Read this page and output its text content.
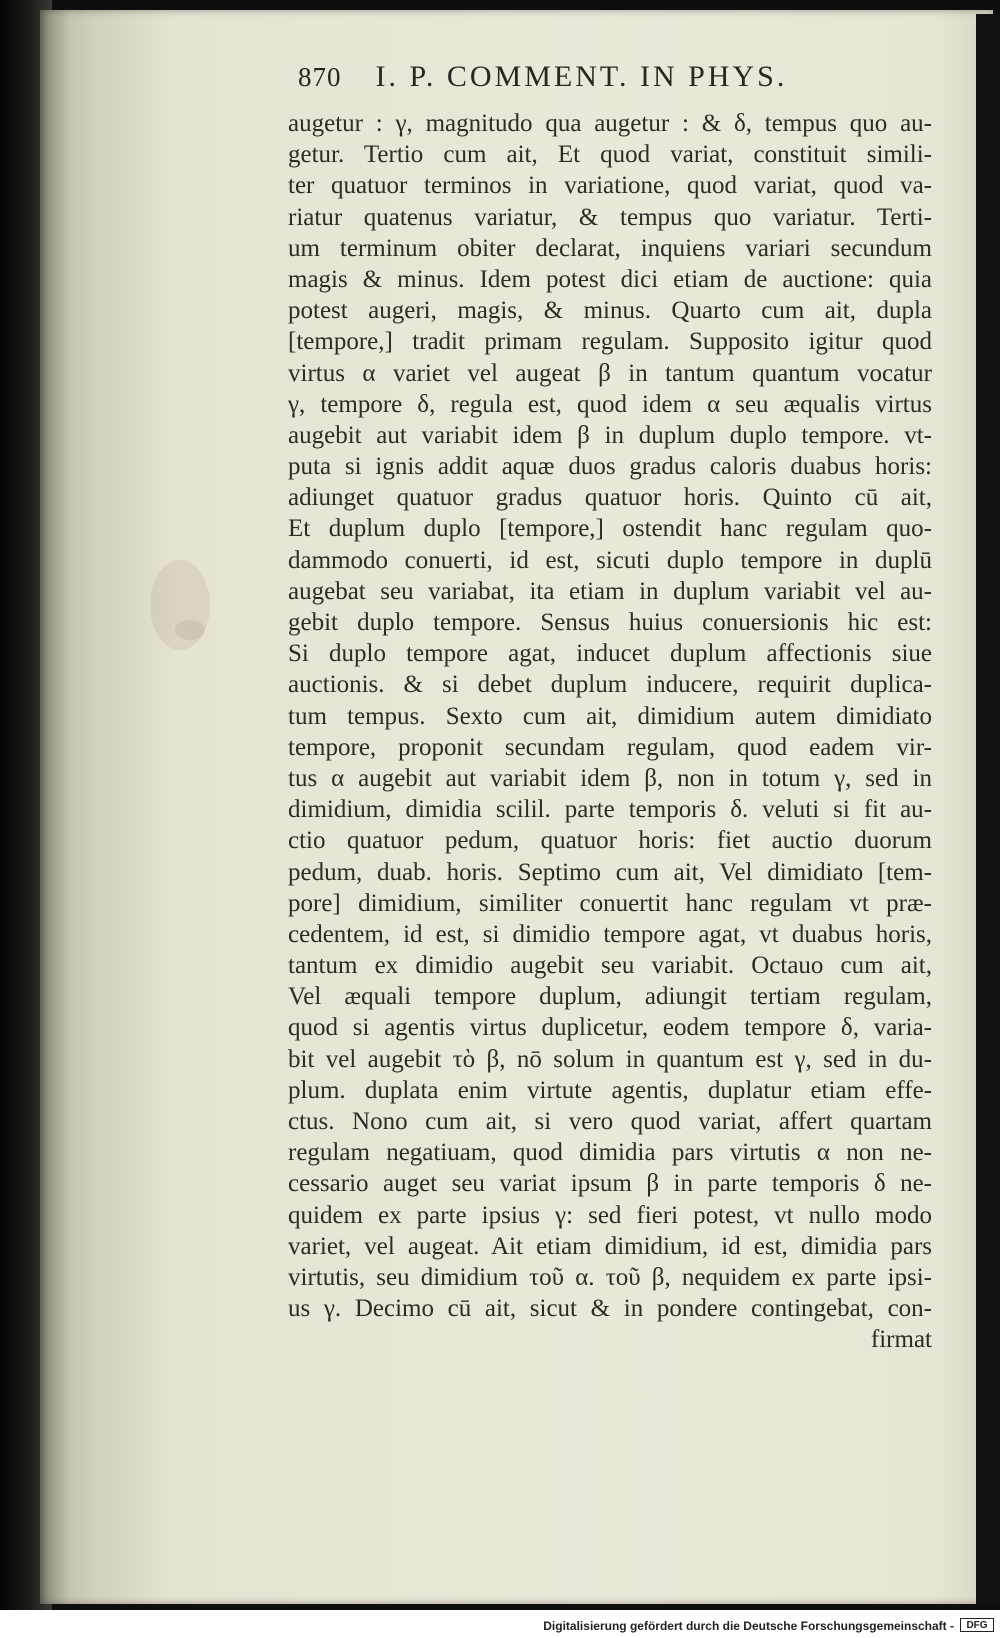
870 I. P. COMMENT. IN PHYS.
augetur : γ, magnitudo qua augetur : & δ, tempus quo au-
getur. Tertio cum ait, Et quod variat, constituit simili-
ter quatuor terminos in variatione, quod variat, quod va-
riatur quatenus variatur, & tempus quo variatur. Terti-
um terminum obiter declarat, inquiens variari secundum
magis & minus. Idem potest dici etiam de auctione: quia
potest augeri, magis, & minus. Quarto cum ait, dupla
[tempore,] tradit primam regulam. Supposito igitur quod
virtus α variet vel augeat β in tantum quantum vocatur
γ, tempore δ, regula est, quod idem α seu æqualis virtus
augebit aut variabit idem β in duplum duplo tempore. vt-
puta si ignis addit aquæ duos gradus caloris duabus horis:
adiunget quatuor gradus quatuor horis. Quinto cū ait,
Et duplum duplo [tempore,] ostendit hanc regulam quo-
dammodo conuerti, id est, sicuti duplo tempore in duplū
augebat seu variabat, ita etiam in duplum variabit vel au-
gebit duplo tempore. Sensus huius conuersionis hic est:
Si duplo tempore agat, inducet duplum affectionis siue
auctionis. & si debet duplum inducere, requirit duplica-
tum tempus. Sexto cum ait, dimidium autem dimidiato
tempore, proponit secundam regulam, quod eadem vir-
tus α augebit aut variabit idem β, non in totum γ, sed in
dimidium, dimidia scilil. parte temporis δ. veluti si fit au-
ctio quatuor pedum, quatuor horis: fiet auctio duorum
pedum, duab. horis. Septimo cum ait, Vel dimidiato [tem-
pore] dimidium, similiter conuertit hanc regulam vt præ-
cedentem, id est, si dimidio tempore agat, vt duabus horis,
tantum ex dimidio augebit seu variabit. Octauo cum ait,
Vel æquali tempore duplum, adiungit tertiam regulam,
quod si agentis virtus duplicetur, eodem tempore δ, varia-
bit vel augebit τὸ β, nō solum in quantum est γ, sed in du-
plum. duplata enim virtute agentis, duplatur etiam effe-
ctus. Nono cum ait, si vero quod variat, affert quartam
regulam negatiuam, quod dimidia pars virtutis α non ne-
cessario auget seu variat ipsum β in parte temporis δ ne-
quidem ex parte ipsius γ: sed fieri potest, vt nullo modo
variet, vel augeat. Ait etiam dimidium, id est, dimidia pars
virtutis, seu dimidium τοῦ α. τοῦ β, nequidem ex parte ipsi-
us γ. Decimo cū ait, sicut & in pondere contingebat, con-
firmat
Digitalisierung gefördert durch die Deutsche Forschungsgemeinschaft -	DFG
